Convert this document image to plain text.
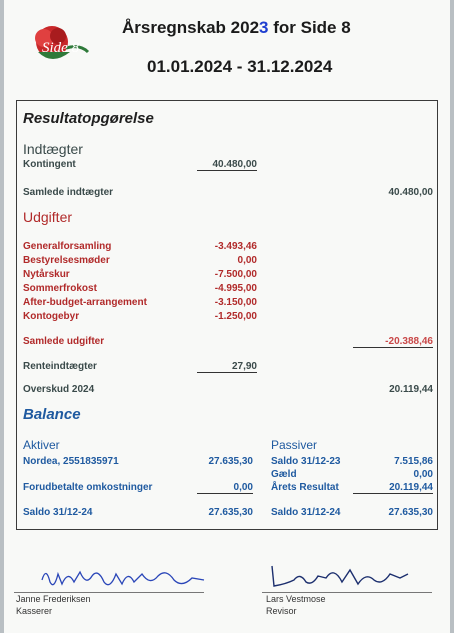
Side 8
Årsregnskab 2023 for Side 8
01.01.2024 - 31.12.2024
Resultatopgørelse
Indtægter
Kontingent	40.480,00
Samlede indtægter	40.480,00
Udgifter
Generalforsamling	-3.493,46
Bestyrelsesmøder	0,00
Nytårskur	-7.500,00
Sommerfrokost	-4.995,00
After-budget-arrangement	-3.150,00
Kontogebyr	-1.250,00
Samlede udgifter	-20.388,46
Renteindtægter	27,90
Overskud 2024	20.119,44
Balance
Aktiver
Nordea, 2551835971	27.635,30
Forudbetalte omkostninger	0,00
Saldo 31/12-24	27.635,30
Passiver
Saldo 31/12-23	7.515,86
Gæld	0,00
Årets Resultat	20.119,44
Saldo 31/12-24	27.635,30
Janne Frederiksen
Kasserer
Lars Vestmose
Revisor
